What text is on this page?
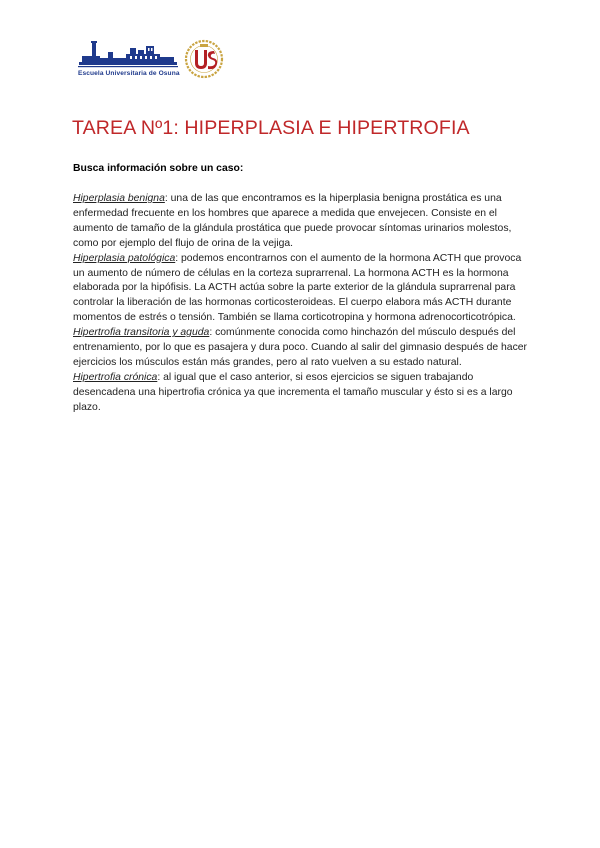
Escuela Universitaria de Osuna
TAREA Nº1: HIPERPLASIA E HIPERTROFIA
Busca información sobre un caso:

Hiperplasia benigna: una de las que encontramos es la hiperplasia benigna prostática es una enfermedad frecuente en los hombres que aparece a medida que envejecen. Consiste en el aumento de tamaño de la glándula prostática que puede provocar síntomas urinarios molestos, como por ejemplo del flujo de orina de la vejiga.

Hiperplasia patológica: podemos encontrarnos con el aumento de la hormona ACTH que provoca un aumento de número de células en la corteza suprarrenal. La hormona ACTH es la hormona elaborada por la hipófisis. La ACTH actúa sobre la parte exterior de la glándula suprarrenal para controlar la liberación de las hormonas corticosteroideas. El cuerpo elabora más ACTH durante momentos de estrés o tensión. También se llama corticotropina y hormona adrenocorticotrópica.

Hipertrofia transitoria y aguda: comúnmente conocida como hinchazón del músculo después del entrenamiento, por lo que es pasajera y dura poco. Cuando al salir del gimnasio después de hacer ejercicios los músculos están más grandes, pero al rato vuelven a su estado natural.

Hipertrofia crónica: al igual que el caso anterior, si esos ejercicios se siguen trabajando desencadena una hipertrofia crónica ya que incrementa el tamaño muscular y ésto si es a largo plazo.
